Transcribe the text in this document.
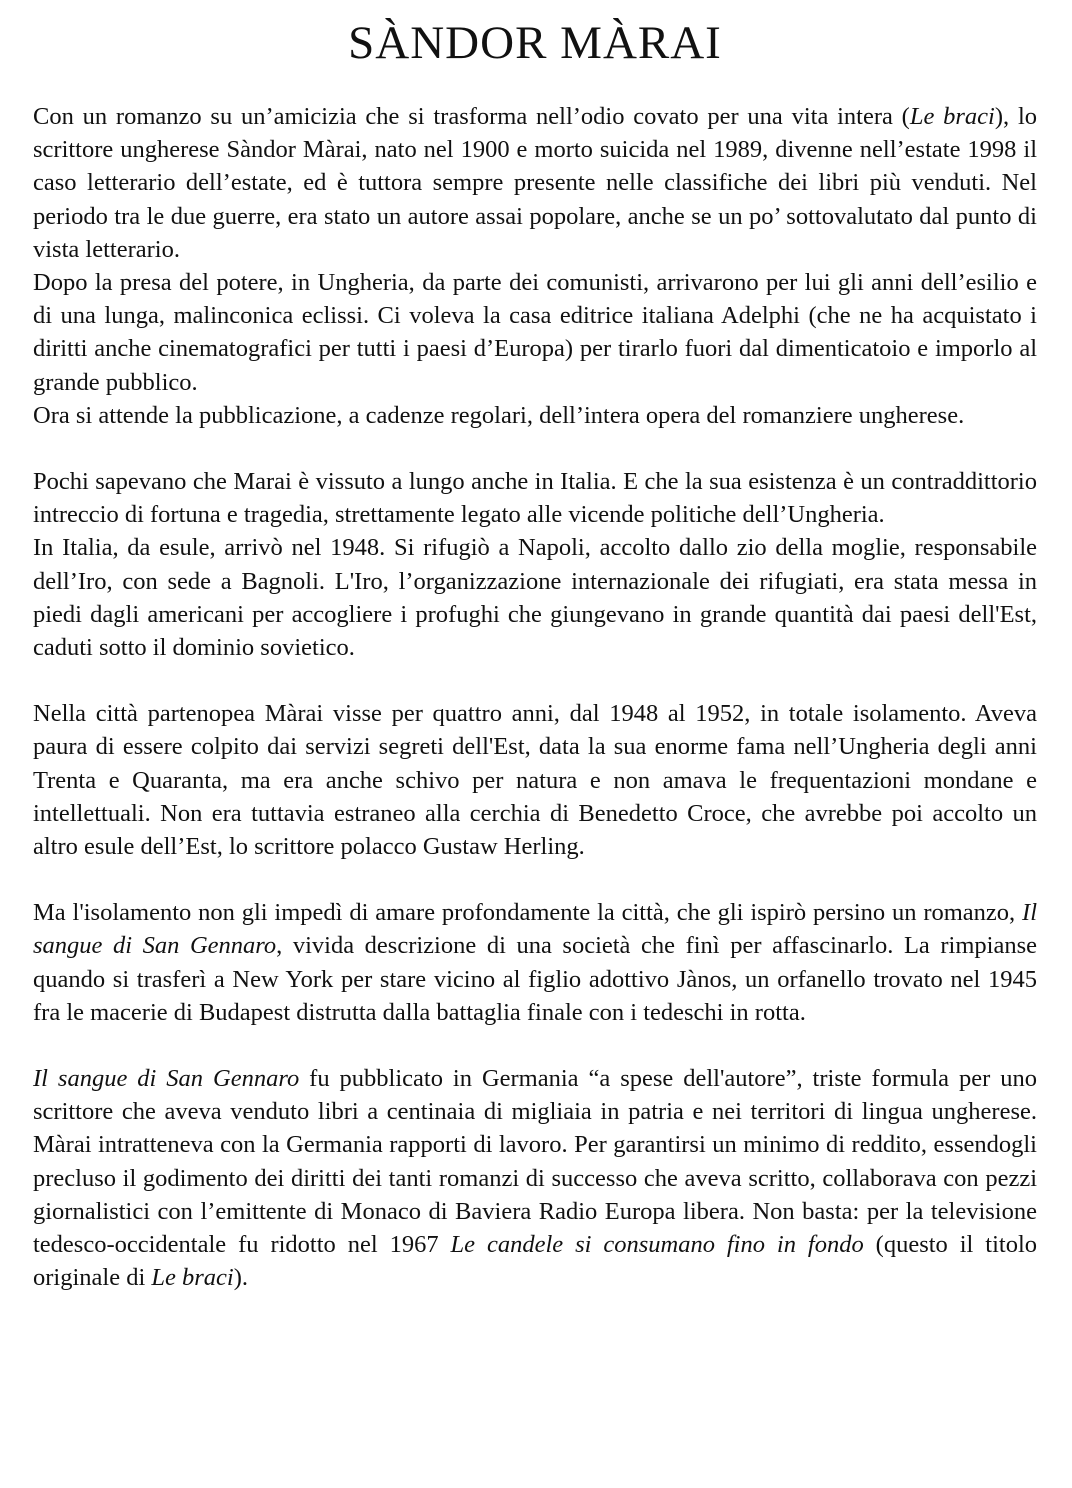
SÀNDOR MÀRAI

Con un romanzo su un’amicizia che si trasforma nell’odio covato per una vita intera (Le braci), lo scrittore ungherese Sàndor Màrai, nato nel 1900 e morto suicida nel 1989, divenne nell’estate 1998 il caso letterario dell’estate, ed è tuttora sempre presente nelle classifiche dei libri più venduti. Nel periodo tra le due guerre, era stato un autore assai popolare, anche se un po’ sottovalutato dal punto di vista letterario.

Dopo la presa del potere, in Ungheria, da parte dei comunisti, arrivarono per lui gli anni dell’esilio e di una lunga, malinconica eclissi. Ci voleva la casa editrice italiana Adelphi (che ne ha acquistato i diritti anche cinematografici per tutti i paesi d’Europa) per tirarlo fuori dal dimenticatoio e imporlo al grande pubblico.

Ora si attende la pubblicazione, a cadenze regolari, dell’intera opera del romanziere ungherese.

Pochi sapevano che Marai è vissuto a lungo anche in Italia. E che la sua esistenza è un contraddittorio intreccio di fortuna e tragedia, strettamente legato alle vicende politiche dell’Ungheria.

In Italia, da esule, arrivò nel 1948. Si rifugiò a Napoli, accolto dallo zio della moglie, responsabile dell’Iro, con sede a Bagnoli. L'Iro, l’organizzazione internazionale dei rifugiati, era stata messa in piedi dagli americani per accogliere i profughi che giungevano in grande quantità dai paesi dell'Est, caduti sotto il dominio sovietico.

Nella città partenopea Màrai visse per quattro anni, dal 1948 al 1952, in totale isolamento. Aveva paura di essere colpito dai servizi segreti dell'Est, data la sua enorme fama nell’Ungheria degli anni Trenta e Quaranta, ma era anche schivo per natura e non amava le frequentazioni mondane e intellettuali. Non era tuttavia estraneo alla cerchia di Benedetto Croce, che avrebbe poi accolto un altro esule dell’Est, lo scrittore polacco Gustaw Herling.

Ma l'isolamento non gli impedì di amare profondamente la città, che gli ispirò persino un romanzo, Il sangue di San Gennaro, vivida descrizione di una società che finì per affascinarlo. La rimpianse quando si trasferì a New York per stare vicino al figlio adottivo Jànos, un orfanello trovato nel 1945 fra le macerie di Budapest distrutta dalla battaglia finale con i tedeschi in rotta.

Il sangue di San Gennaro fu pubblicato in Germania “a spese dell'autore”, triste formula per uno scrittore che aveva venduto libri a centinaia di migliaia in patria e nei territori di lingua ungherese. Màrai intratteneva con la Germania rapporti di lavoro. Per garantirsi un minimo di reddito, essendogli precluso il godimento dei diritti dei tanti romanzi di successo che aveva scritto, collaborava con pezzi giornalistici con l’emittente di Monaco di Baviera Radio Europa libera. Non basta: per la televisione tedesco-occidentale fu ridotto nel 1967 Le candele si consumano fino in fondo (questo il titolo originale di Le braci).
